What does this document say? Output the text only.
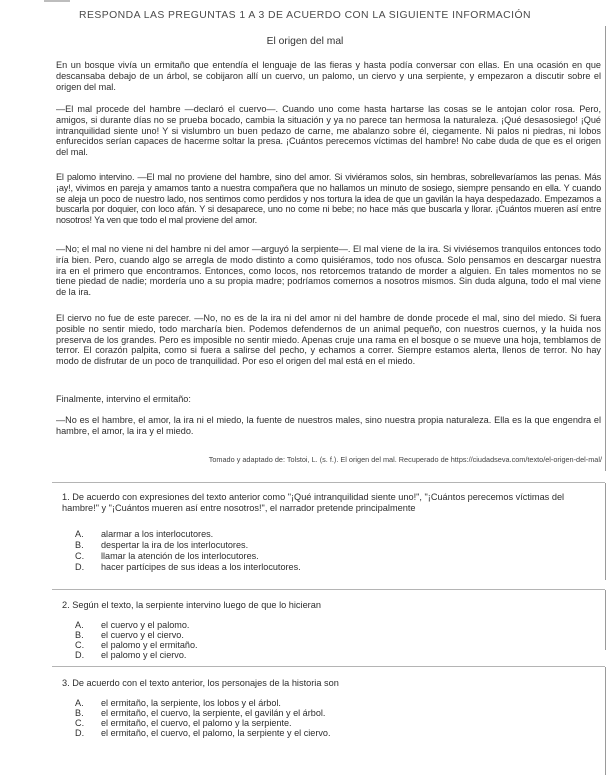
RESPONDA LAS PREGUNTAS 1 A 3 DE ACUERDO CON LA SIGUIENTE INFORMACIÓN
El origen del mal

En un bosque vivía un ermitaño que entendía el lenguaje de las fieras y hasta podía conversar con ellas. En una ocasión en que descansaba debajo de un árbol, se cobijaron allí un cuervo, un palomo, un ciervo y una serpiente, y empezaron a discutir sobre el origen del mal.

—El mal procede del hambre —declaró el cuervo—. Cuando uno come hasta hartarse las cosas se le antojan color rosa. Pero, amigos, si durante días no se prueba bocado, cambia la situación y ya no parece tan hermosa la naturaleza. ¡Qué desasosiego! ¡Qué intranquilidad siente uno! Y si vislumbro un buen pedazo de carne, me abalanzo sobre él, ciegamente. Ni palos ni piedras, ni lobos enfurecidos serían capaces de hacerme soltar la presa. ¡Cuántos perecemos víctimas del hambre! No cabe duda de que es el origen del mal.

El palomo intervino. —El mal no proviene del hambre, sino del amor. Si viviéramos solos, sin hembras, sobrellevaríamos las penas. Más ¡ay!, vivimos en pareja y amamos tanto a nuestra compañera que no hallamos un minuto de sosiego, siempre pensando en ella. Y cuando se aleja un poco de nuestro lado, nos sentimos como perdidos y nos tortura la idea de que un gavilán la haya despedazado. Empezamos a buscarla por doquier, con loco afán. Y si desaparece, uno no come ni bebe; no hace más que buscarla y llorar. ¡Cuántos mueren así entre nosotros! Ya ven que todo el mal proviene del amor.

—No; el mal no viene ni del hambre ni del amor —arguyó la serpiente—. El mal viene de la ira. Si viviésemos tranquilos entonces todo iría bien. Pero, cuando algo se arregla de modo distinto a como quisiéramos, todo nos ofusca. Solo pensamos en descargar nuestra ira en el primero que encontramos. Entonces, como locos, nos retorcemos tratando de morder a alguien. En tales momentos no se tiene piedad de nadie; mordería uno a su propia madre; podríamos comernos a nosotros mismos. Sin duda alguna, todo el mal viene de la ira.

El ciervo no fue de este parecer. —No, no es de la ira ni del amor ni del hambre de donde procede el mal, sino del miedo. Si fuera posible no sentir miedo, todo marcharía bien. Podemos defendernos de un animal pequeño, con nuestros cuernos, y la huida nos preserva de los grandes. Pero es imposible no sentir miedo. Apenas cruje una rama en el bosque o se mueve una hoja, temblamos de terror. El corazón palpita, como si fuera a salirse del pecho, y echamos a correr. Siempre estamos alerta, llenos de terror. No hay modo de disfrutar de un poco de tranquilidad. Por eso el origen del mal está en el miedo.

Finalmente, intervino el ermitaño:

—No es el hambre, el amor, la ira ni el miedo, la fuente de nuestros males, sino nuestra propia naturaleza. Ella es la que engendra el hambre, el amor, la ira y el miedo.

Tomado y adaptado de: Tolstoi, L. (s. f.). El origen del mal. Recuperado de https://ciudadseva.com/texto/el-origen-del-mal/

1. De acuerdo con expresiones del texto anterior como "¡Qué intranquilidad siente uno!", "¡Cuántos perecemos víctimas del hambre!" y "¡Cuántos mueren así entre nosotros!", el narrador pretende principalmente

A. alarmar a los interlocutores.
B. despertar la ira de los interlocutores.
C. llamar la atención de los interlocutores.
D. hacer partícipes de sus ideas a los interlocutores.

2. Según el texto, la serpiente intervino luego de que lo hicieran

A. el cuervo y el palomo.
B. el cuervo y el ciervo.
C. el palomo y el ermitaño.
D. el palomo y el ciervo.

3. De acuerdo con el texto anterior, los personajes de la historia son

A. el ermitaño, la serpiente, los lobos y el árbol.
B. el ermitaño, el cuervo, la serpiente, el gavilán y el árbol.
C. el ermitaño, el cuervo, el palomo y la serpiente.
D. el ermitaño, el cuervo, el palomo, la serpiente y el ciervo.
